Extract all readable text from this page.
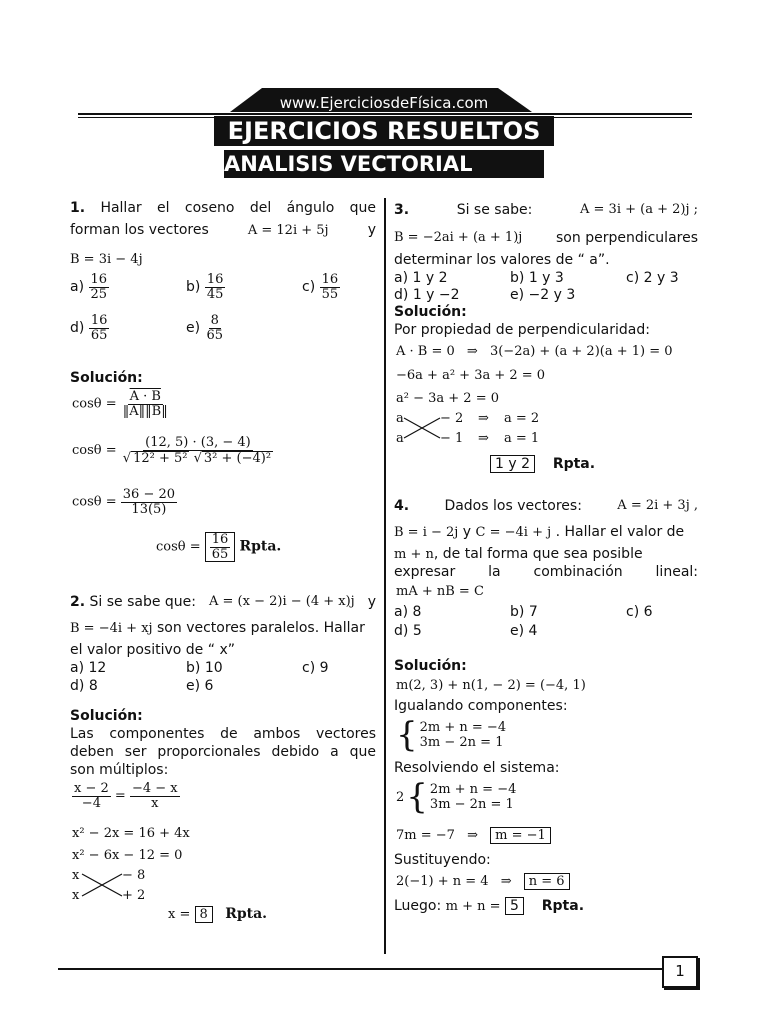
www.EjerciciosdeFísica.com
EJERCICIOS RESUELTOS
ANALISIS VECTORIAL
1. Hallar el coseno del ángulo que
forman los vectores	A = 12i + 5j	y
B = 3i − 4j
$a) \frac{16}{25}$	$b) \frac{16}{45}$	$c) \frac{16}{55}$
$d) \frac{16}{65}$	$e) \frac{8}{65}$
Solución:
$\cos\theta = \frac{A \cdot B}{‖A‖‖B‖}$
$\cos\theta = \frac{(12, 5) \cdot (3, - 4)}{\text{√ 12² + 5² √ 3² + (−4)²}}$
$\cos\theta = \frac{36 - 20}{13(5)}$
$\cos\theta = \frac{16}{65}$ Rpta.
2. Si se sabe que: A = (x − 2)i − (4 + x)j y
B = −4i + xj son vectores paralelos. Hallar
el valor positivo de “ x”
a) 12	b) 10	c) 9
d) 8	e) 6
Solución:
Las componentes de ambos vectores
deben ser proporcionales debido a que
son múltiplos:
$\frac{x - 2}{-4} = \frac{-4 - x}{x}$
x² − 2x = 16 + 4x
x² − 6x − 12 = 0
x	− 8
x	+ 2
x = 8 Rpta.
3.	Si se sabe:	A = 3i + (a + 2)j ;
B = −2ai + (a + 1)j son perpendiculares
determinar los valores de “ a”.
a) 1 y 2	b) 1 y 3	c) 2 y 3
d) 1 y −2	e) −2 y 3
Solución:
Por propiedad de perpendicularidad:
A · B = 0 ⇒ 3(−2a) + (a + 2)(a + 1) = 0
−6a + a² + 3a + 2 = 0
a² − 3a + 2 = 0
a	− 2 ⇒ a = 2
a	− 1 ⇒ a = 1
1 y 2 Rpta.
4.	Dados los vectores:	A = 2i + 3j ,
B = i − 2j y C = −4i + j . Hallar el valor de
m + n, de tal forma que sea posible
expresar la combinación lineal:
mA + nB = C
a) 8	b) 7	c) 6
d) 5	e) 4
Solución:
m(2, 3) + n(1, − 2) = (−4, 1)
Igualando componentes:
{ 2m + n = −4
3m − 2n = 1
Resolviendo el sistema:
2 { 2m + n = −4
3m − 2n = 1
7m = −7 ⇒ m = −1
Sustituyendo:
2(−1) + n = 4 ⇒ n = 6
Luego: m + n = 5 Rpta.
1
